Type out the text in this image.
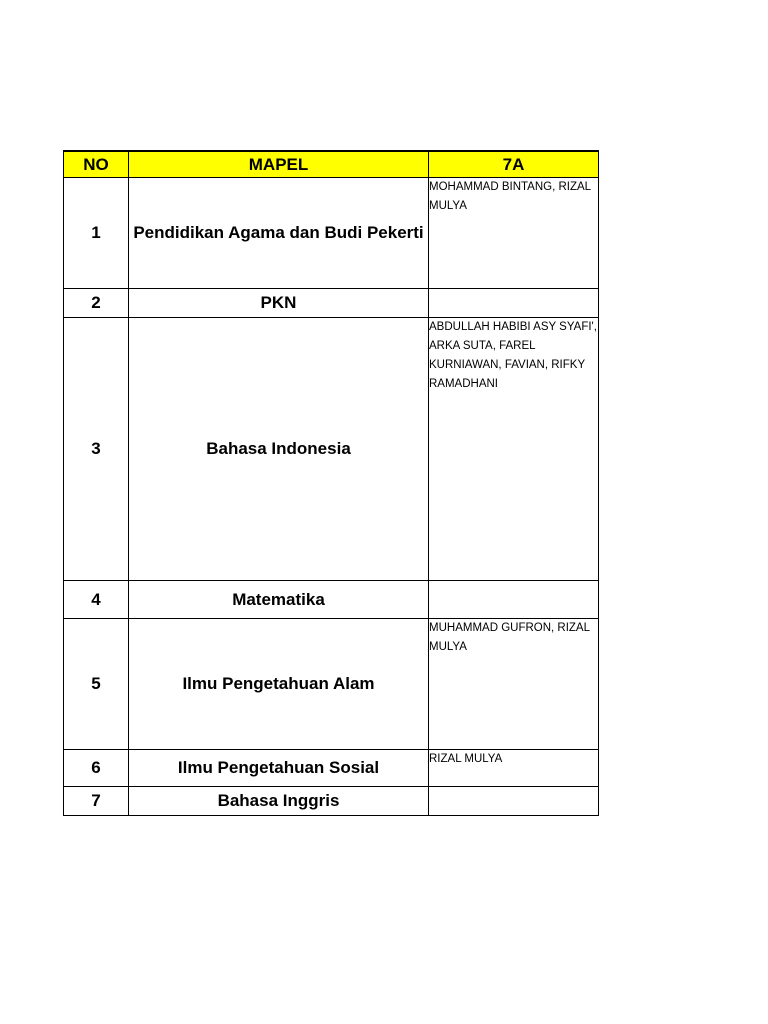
NO	MAPEL	7A
1	Pendidikan Agama dan Budi Pekerti	MOHAMMAD BINTANG, RIZAL MULYA
2	PKN	
3	Bahasa Indonesia	ABDULLAH HABIBI ASY SYAFI', ARKA SUTA, FAREL KURNIAWAN, FAVIAN, RIFKY RAMADHANI
4	Matematika	
5	Ilmu Pengetahuan Alam	MUHAMMAD GUFRON, RIZAL MULYA
6	Ilmu Pengetahuan Sosial	RIZAL MULYA
7	Bahasa Inggris	
